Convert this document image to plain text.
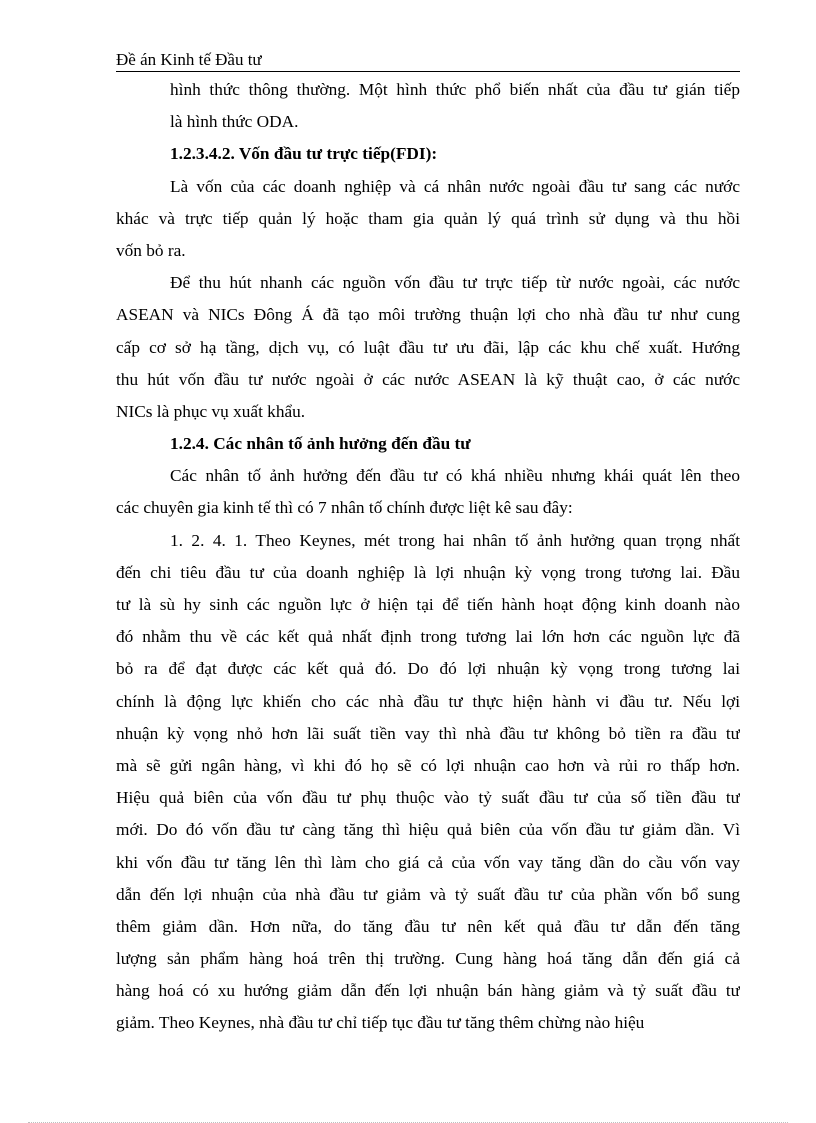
Đề án Kinh tế Đầu tư
hình thức thông thường. Một hình thức phổ biến nhất của đầu tư gián tiếp
là hình thức ODA.
1.2.3.4.2. Vốn đầu tư trực tiếp(FDI):
Là vốn của các doanh nghiệp và cá nhân nước ngoài đầu tư sang các nước
khác và trực tiếp quản lý hoặc tham gia quản lý quá trình sử dụng và thu hồi
vốn bỏ ra.
Để thu hút nhanh các nguồn vốn đầu tư trực tiếp từ nước ngoài, các nước
ASEAN và NICs Đông Á đã tạo môi trường thuận lợi cho nhà đầu tư như cung
cấp cơ sở hạ tầng, dịch vụ, có luật đầu tư ưu đãi, lập các khu chế xuất. Hướng
thu hút vốn đầu tư nước ngoài ở các nước ASEAN là kỹ thuật cao, ở các nước
NICs là phục vụ xuất khẩu.
1.2.4. Các nhân tố ảnh hưởng đến đầu tư
Các nhân tố ảnh hưởng đến đầu tư có khá nhiều nhưng khái quát lên theo
các chuyên gia kinh tế thì có 7 nhân tố chính được liệt kê sau đây:
1. 2. 4. 1. Theo Keynes, mét trong hai nhân tố ảnh hưởng quan trọng nhất
đến chi tiêu đầu tư của doanh nghiệp là lợi nhuận kỳ vọng trong tương lai. Đầu
tư là sù hy sinh các nguồn lực ở hiện tại để tiến hành hoạt động kinh doanh nào
đó nhằm thu về các kết quả nhất định trong tương lai lớn hơn các nguồn lực đã
bỏ ra để đạt được các kết quả đó. Do đó lợi nhuận kỳ vọng trong tương lai
chính là động lực khiến cho các nhà đầu tư thực hiện hành vi đầu tư. Nếu lợi
nhuận kỳ vọng nhỏ hơn lãi suất tiền vay thì nhà đầu tư không bỏ tiền ra đầu tư
mà sẽ gửi ngân hàng, vì khi đó họ sẽ có lợi nhuận cao hơn và rủi ro thấp hơn.
Hiệu quả biên của vốn đầu tư phụ thuộc vào tỷ suất đầu tư của số tiền đầu tư
mới. Do đó vốn đầu tư càng tăng thì hiệu quả biên của vốn đầu tư giảm dần. Vì
khi vốn đầu tư tăng lên thì làm cho giá cả của vốn vay tăng dần do cầu vốn vay
dẫn đến lợi nhuận của nhà đầu tư giảm và tỷ suất đầu tư của phần vốn bổ sung
thêm giảm dần. Hơn nữa, do tăng đầu tư nên kết quả đầu tư dẫn đến tăng
lượng sản phẩm hàng hoá trên thị trường. Cung hàng hoá tăng dẫn đến giá cả
hàng hoá có xu hướng giảm dẫn đến lợi nhuận bán hàng giảm và tỷ suất đầu tư
giảm. Theo Keynes, nhà đầu tư chỉ tiếp tục đầu tư tăng thêm chừng nào hiệu
